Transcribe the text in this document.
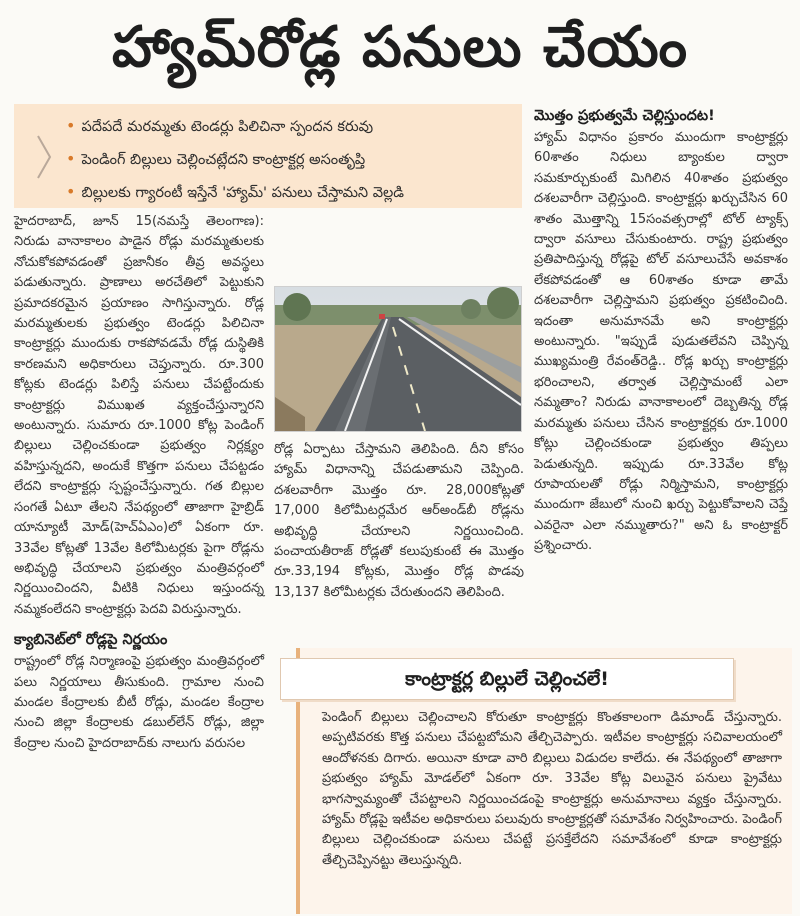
హ్యామ్‌రోడ్ల పనులు చేయం
• పదేపదే మరమ్మతు టెండర్లు పిలిచినా స్పందన కరువు
• పెండింగ్ బిల్లులు చెల్లించట్లేదని కాంట్రాక్టర్ల అసంతృప్తి
• బిల్లులకు గ్యారంటీ ఇస్తేనే 'హ్యామ్' పనులు చేస్తామని వెల్లడి

హైదరాబాద్, జూన్ 15(నమస్తే తెలంగాణ): నిరుడు వానాకాలం పాడైన రోడ్లు మరమ్మతులకు నోచుకోకపోవడంతో ప్రజానీకం తీవ్ర అవస్థలు పడుతున్నారు. ప్రాణాలు అరచేతిలో పెట్టుకుని ప్రమాదకరమైన ప్రయాణం సాగిస్తున్నారు. రోడ్ల మరమ్మతులకు ప్రభుత్వం టెండర్లు పిలిచినా కాంట్రాక్టర్లు ముందుకు రాకపోవడమే రోడ్ల దుస్థితికి కారణమని అధికారులు చెప్తున్నారు. రూ.300 కోట్లకు టెండర్లు పిలిస్తే పనులు చేపట్టేందుకు కాంట్రాక్టర్లు విముఖత వ్యక్తంచేస్తున్నారని అంటున్నారు. సుమారు రూ.1000 కోట్ల పెండింగ్ బిల్లులు చెల్లించకుండా ప్రభుత్వం నిర్లక్ష్యం వహిస్తున్నదని, అందుకే కొత్తగా పనులు చేపట్టడం లేదని కాంట్రాక్టర్లు స్పష్టంచేస్తున్నారు. గత బిల్లుల సంగతే ఏటూ తేలని నేపథ్యంలో తాజాగా హైబ్రిడ్ యాన్యూటీ మోడ్(హెచ్ఏఎం)లో ఏకంగా రూ. 33వేల కోట్లతో 13వేల కిలోమీటర్లకు పైగా రోడ్లను అభివృద్ధి చేయాలని ప్రభుత్వం మంత్రివర్గంలో నిర్ణయించిందని, వీటికి నిధులు ఇస్తుందన్న నమ్మకంలేదని కాంట్రాక్టర్లు పెదవి విరుస్తున్నారు.

క్యాబినెట్‌లో రోడ్లపై నిర్ణయం

రాష్ట్రంలో రోడ్ల నిర్మాణంపై ప్రభుత్వం మంత్రివర్గంలో పలు నిర్ణయాలు తీసుకుంది. గ్రామాల నుంచి మండల కేంద్రాలకు బీటీ రోడ్లు, మండల కేంద్రాల నుంచి జిల్లా కేంద్రాలకు డబుల్‌లేన్ రోడ్లు, జిల్లా కేంద్రాల నుంచి హైదరాబాద్‌కు నాలుగు వరుసల

రోడ్ల ఏర్పాటు చేస్తామని తెలిపింది. దీని కోసం హ్యామ్ విధానాన్ని చేపడుతామని చెప్పింది. దశలవారీగా మొత్తం రూ. 28,000కోట్లతో 17,000 కిలోమీటర్లమేర ఆర్అండ్‌బీ రోడ్లను అభివృద్ధి చేయాలని నిర్ణయించింది. పంచాయతీరాజ్ రోడ్లతో కలుపుకుంటే ఈ మొత్తం రూ.33,194 కోట్లకు, మొత్తం రోడ్ల పొడవు 13,137 కిలోమీటర్లకు చేరుతుందని తెలిపింది.

మొత్తం ప్రభుత్వమే చెల్లిస్తుందట!

హ్యామ్ విధానం ప్రకారం ముందుగా కాంట్రాక్టర్లు 60శాతం నిధులు బ్యాంకుల ద్వారా సమకూర్చుకుంటే మిగిలిన 40శాతం ప్రభుత్వం దశలవారీగా చెల్లిస్తుంది. కాంట్రాక్టర్లు ఖర్చుచేసిన 60 శాతం మొత్తాన్ని 15సంవత్సరాల్లో టోల్ ట్యాక్స్ ద్వారా వసూలు చేసుకుంటారు. రాష్ట్ర ప్రభుత్వం ప్రతిపాదిస్తున్న రోడ్లపై టోల్ వసూలుచేసే అవకాశం లేకపోవడంతో ఆ 60శాతం కూడా తామే దశలవారీగా చెల్లిస్తామని ప్రభుత్వం ప్రకటించింది. ఇదంతా అనుమానమే అని కాంట్రాక్టర్లు అంటున్నారు. "ఇప్పుడే పుడుతలేవని చెప్పిన్న ముఖ్యమంత్రి రేవంత్‌రెడ్డి.. రోడ్ల ఖర్చు కాంట్రాక్టర్లు భరించాలని, తర్వాత చెల్లిస్తామంటే ఎలా నమ్మతాం? నిరుడు వానాకాలంలో దెబ్బతిన్న రోడ్ల మరమ్మతు పనులు చేసిన కాంట్రాక్టర్లకు రూ.1000 కోట్లు చెల్లించకుండా ప్రభుత్వం తిప్పలు పెడుతున్నది. ఇప్పుడు రూ.33వేల కోట్ల రూపాయలతో రోడ్లు నిర్మిస్తామని, కాంట్రాక్టర్లు ముందుగా జేబులో నుంచి ఖర్చు పెట్టుకోవాలని చెప్తే ఎవరైనా ఎలా నమ్ముతారు?" అని ఓ కాంట్రాక్టర్ ప్రశ్నించారు.

కాంట్రాక్టర్ల బిల్లులే చెల్లించలే!
పెండింగ్ బిల్లులు చెల్లించాలని కోరుతూ కాంట్రాక్టర్లు కొంతకాలంగా డిమాండ్ చేస్తున్నారు. అప్పటివరకు కొత్త పనులు చేపట్టబోమని తేల్చిచెప్పారు. ఇటీవల కాంట్రాక్టర్లు సచివాలయంలో ఆందోళనకు దిగారు. అయినా కూడా వారి బిల్లులు విడుదల కాలేదు. ఈ నేపథ్యంలో తాజాగా ప్రభుత్వం హ్యామ్ మోడల్‌లో ఏకంగా రూ. 33వేల కోట్ల విలువైన పనులు ప్రైవేటు భాగస్వామ్యంతో చేపట్టాలని నిర్ణయించడంపై కాంట్రాక్టర్లు అనుమానాలు వ్యక్తం చేస్తున్నారు. హ్యామ్ రోడ్లపై ఇటీవల అధికారులు పలువురు కాంట్రాక్టర్లతో సమావేశం నిర్వహించారు. పెండింగ్ బిల్లులు చెల్లించకుండా పనులు చేపట్టే ప్రసక్తేలేదని సమావేశంలో కూడా కాంట్రాక్టర్లు తేల్చిచెప్పినట్టు తెలుస్తున్నది.
